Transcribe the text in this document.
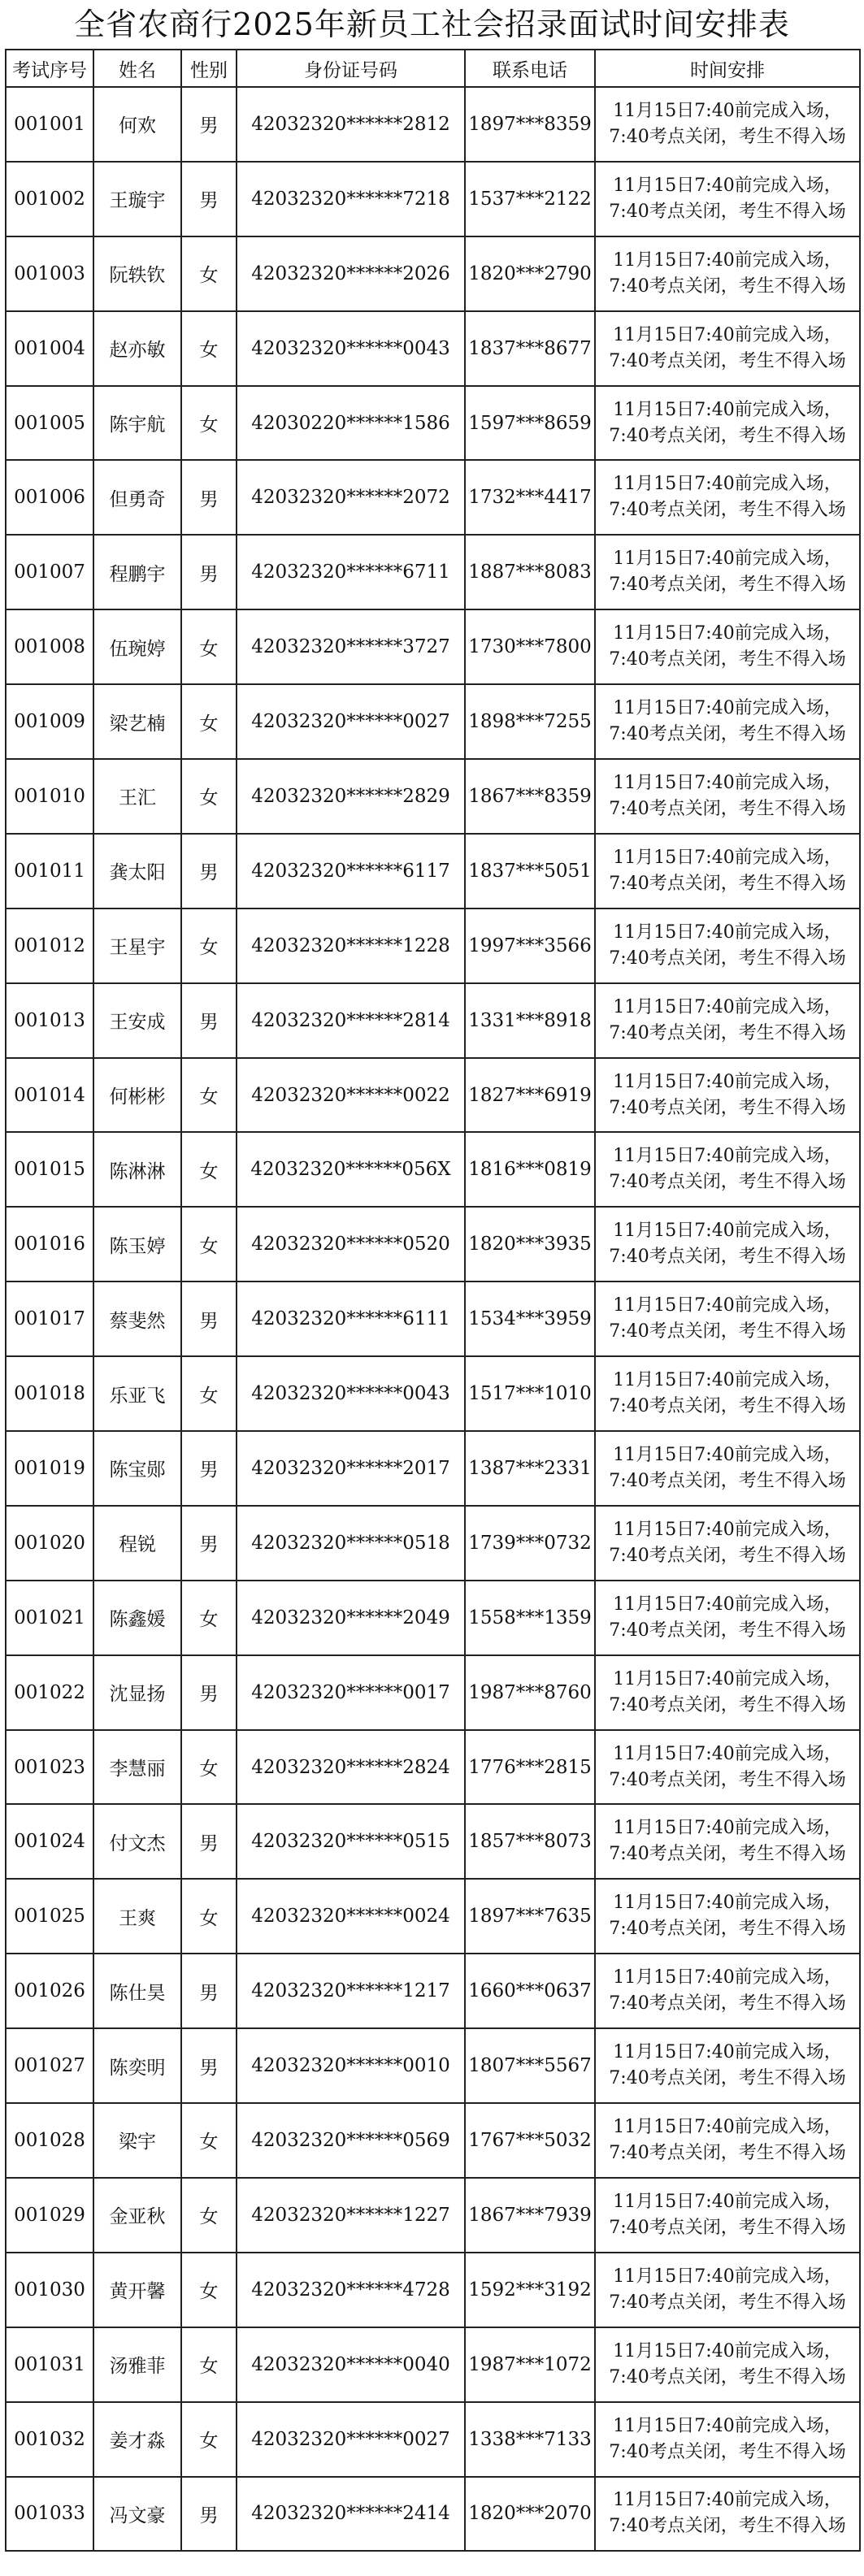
全省农商行2025年新员工社会招录面试时间安排表
考试序号	姓名	性别	身份证号码	联系电话	时间安排
001001	何欢	男	42032320******2812	1897***8359	11月15日7:40前完成入场，
7:40考点关闭，考生不得入场

001002	王璇宇	男	42032320******7218	1537***2122	11月15日7:40前完成入场，
7:40考点关闭，考生不得入场

001003	阮轶钦	女	42032320******2026	1820***2790	11月15日7:40前完成入场，
7:40考点关闭，考生不得入场

001004	赵亦敏	女	42032320******0043	1837***8677	11月15日7:40前完成入场，
7:40考点关闭，考生不得入场

001005	陈宇航	女	42030220******1586	1597***8659	11月15日7:40前完成入场，
7:40考点关闭，考生不得入场

001006	但勇奇	男	42032320******2072	1732***4417	11月15日7:40前完成入场，
7:40考点关闭，考生不得入场

001007	程鹏宇	男	42032320******6711	1887***8083	11月15日7:40前完成入场，
7:40考点关闭，考生不得入场

001008	伍琬婷	女	42032320******3727	1730***7800	11月15日7:40前完成入场，
7:40考点关闭，考生不得入场

001009	梁艺楠	女	42032320******0027	1898***7255	11月15日7:40前完成入场，
7:40考点关闭，考生不得入场

001010	王汇	女	42032320******2829	1867***8359	11月15日7:40前完成入场，
7:40考点关闭，考生不得入场

001011	龚太阳	男	42032320******6117	1837***5051	11月15日7:40前完成入场，
7:40考点关闭，考生不得入场

001012	王星宇	女	42032320******1228	1997***3566	11月15日7:40前完成入场，
7:40考点关闭，考生不得入场

001013	王安成	男	42032320******2814	1331***8918	11月15日7:40前完成入场，
7:40考点关闭，考生不得入场

001014	何彬彬	女	42032320******0022	1827***6919	11月15日7:40前完成入场，
7:40考点关闭，考生不得入场

001015	陈淋淋	女	42032320******056X	1816***0819	11月15日7:40前完成入场，
7:40考点关闭，考生不得入场

001016	陈玉婷	女	42032320******0520	1820***3935	11月15日7:40前完成入场，
7:40考点关闭，考生不得入场

001017	蔡斐然	男	42032320******6111	1534***3959	11月15日7:40前完成入场，
7:40考点关闭，考生不得入场

001018	乐亚飞	女	42032320******0043	1517***1010	11月15日7:40前完成入场，
7:40考点关闭，考生不得入场

001019	陈宝郧	男	42032320******2017	1387***2331	11月15日7:40前完成入场，
7:40考点关闭，考生不得入场

001020	程锐	男	42032320******0518	1739***0732	11月15日7:40前完成入场，
7:40考点关闭，考生不得入场

001021	陈鑫媛	女	42032320******2049	1558***1359	11月15日7:40前完成入场，
7:40考点关闭，考生不得入场

001022	沈显扬	男	42032320******0017	1987***8760	11月15日7:40前完成入场，
7:40考点关闭，考生不得入场

001023	李慧丽	女	42032320******2824	1776***2815	11月15日7:40前完成入场，
7:40考点关闭，考生不得入场

001024	付文杰	男	42032320******0515	1857***8073	11月15日7:40前完成入场，
7:40考点关闭，考生不得入场

001025	王爽	女	42032320******0024	1897***7635	11月15日7:40前完成入场，
7:40考点关闭，考生不得入场

001026	陈仕昊	男	42032320******1217	1660***0637	11月15日7:40前完成入场，
7:40考点关闭，考生不得入场

001027	陈奕明	男	42032320******0010	1807***5567	11月15日7:40前完成入场，
7:40考点关闭，考生不得入场

001028	梁宇	女	42032320******0569	1767***5032	11月15日7:40前完成入场，
7:40考点关闭，考生不得入场

001029	金亚秋	女	42032320******1227	1867***7939	11月15日7:40前完成入场，
7:40考点关闭，考生不得入场

001030	黄开馨	女	42032320******4728	1592***3192	11月15日7:40前完成入场，
7:40考点关闭，考生不得入场

001031	汤雅菲	女	42032320******0040	1987***1072	11月15日7:40前完成入场，
7:40考点关闭，考生不得入场

001032	姜才淼	女	42032320******0027	1338***7133	11月15日7:40前完成入场，
7:40考点关闭，考生不得入场

001033	冯文豪	男	42032320******2414	1820***2070	11月15日7:40前完成入场，
7:40考点关闭，考生不得入场
